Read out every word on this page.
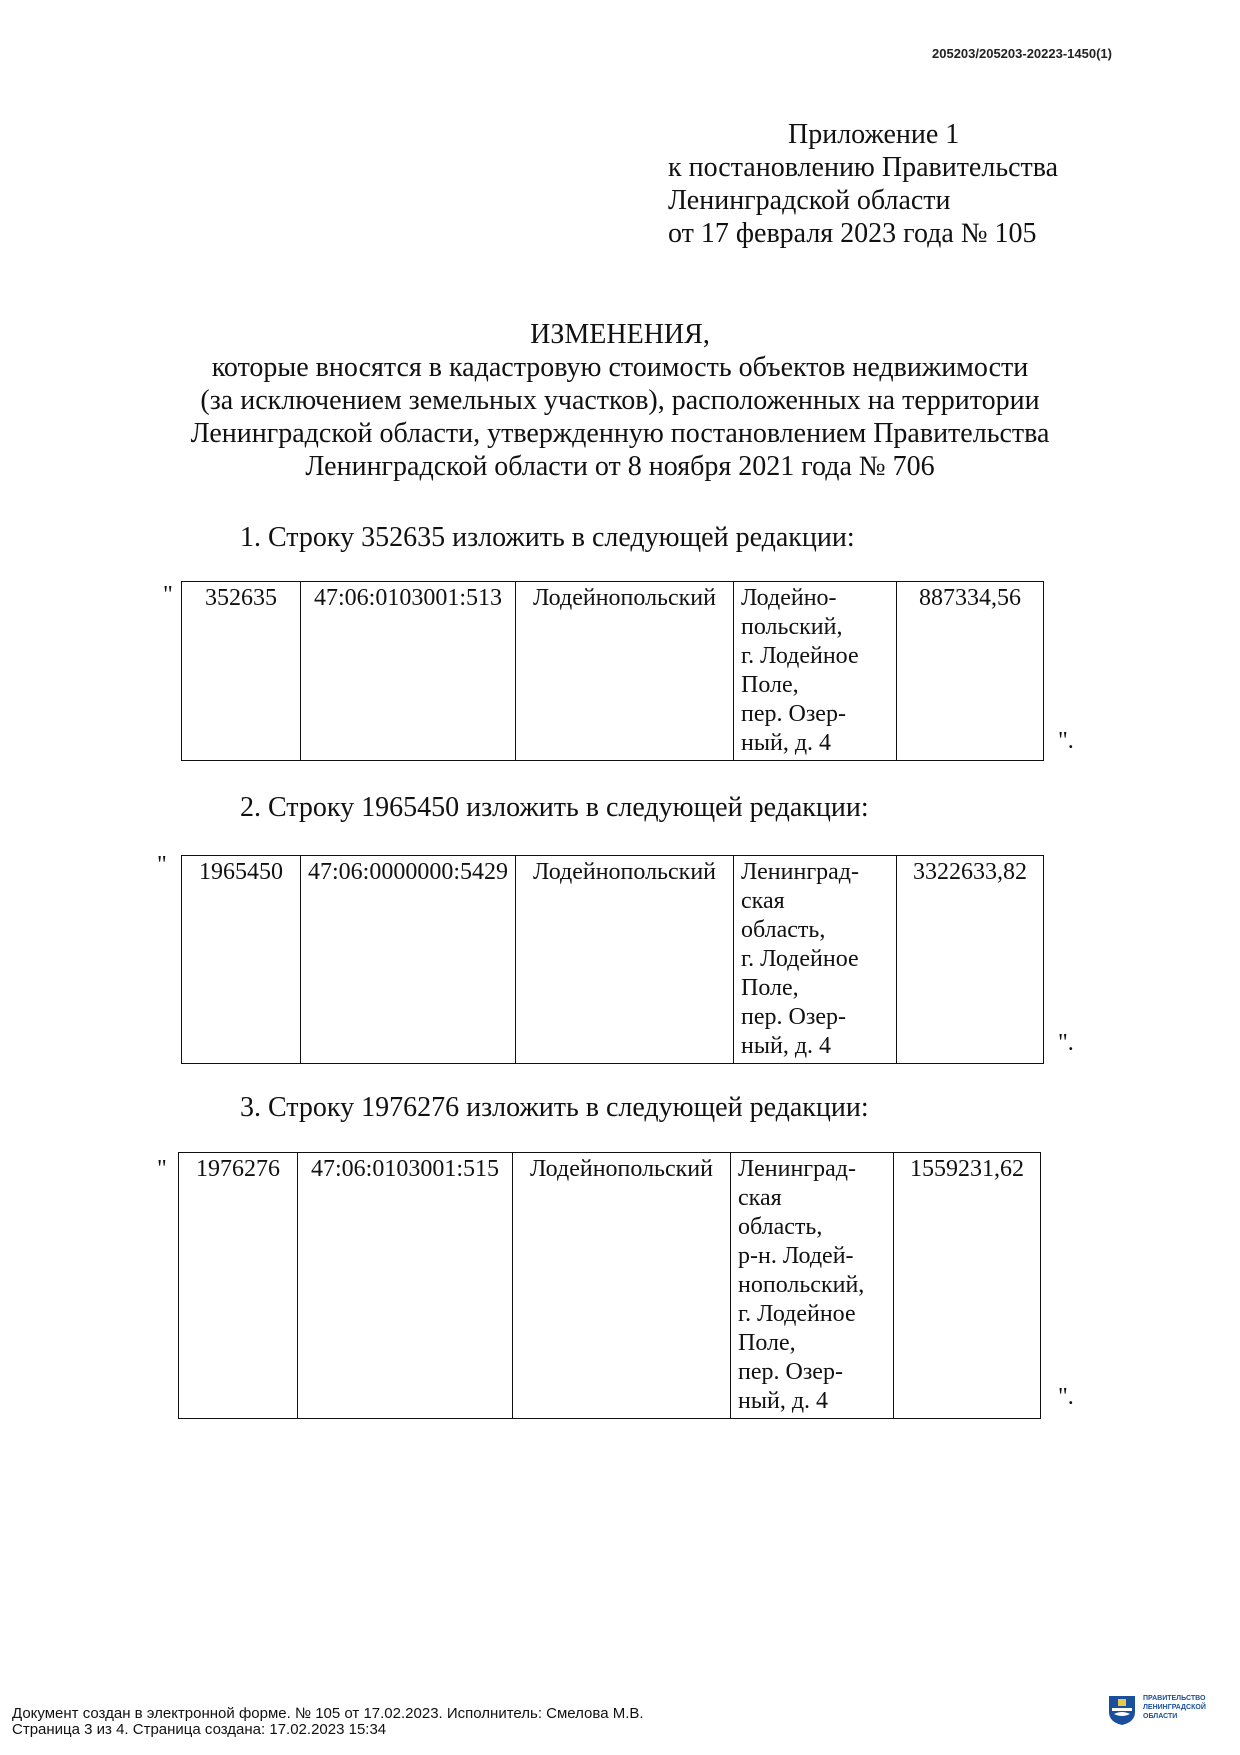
205203/205203-20223-1450(1)
Приложение 1
к постановлению Правительства
Ленинградской области
от 17 февраля 2023 года № 105
ИЗМЕНЕНИЯ,
которые вносятся в кадастровую стоимость объектов недвижимости
(за исключением земельных участков), расположенных на территории
Ленинградской области, утвержденную постановлением Правительства
Ленинградской области от 8 ноября 2021 года № 706
1. Строку 352635 изложить в следующей редакции:
" 352635	47:06:0103001:513	Лодейнопольский	Лодейно-
польский,
г. Лодейное
Поле,
пер. Озер-
ный, д. 4
	887334,56
".
2. Строку 1965450 изложить в следующей редакции:
" 1965450	47:06:0000000:5429	Лодейнопольский	Ленинград-
ская
область,
г. Лодейное
Поле,
пер. Озер-
ный, д. 4
	3322633,82
".
3. Строку 1976276 изложить в следующей редакции:
" 1976276	47:06:0103001:515	Лодейнопольский	Ленинград-
ская
область,
р-н. Лодей-
нопольский,
г. Лодейное
Поле,
пер. Озер-
ный, д. 4
	1559231,62
".
Документ создан в электронной форме. № 105 от 17.02.2023. Исполнитель: Смелова М.В.
Страница 3 из 4. Страница создана: 17.02.2023 15:34
ПРАВИТЕЛЬСТВО
ЛЕНИНГРАДСКОЙ
ОБЛАСТИ
